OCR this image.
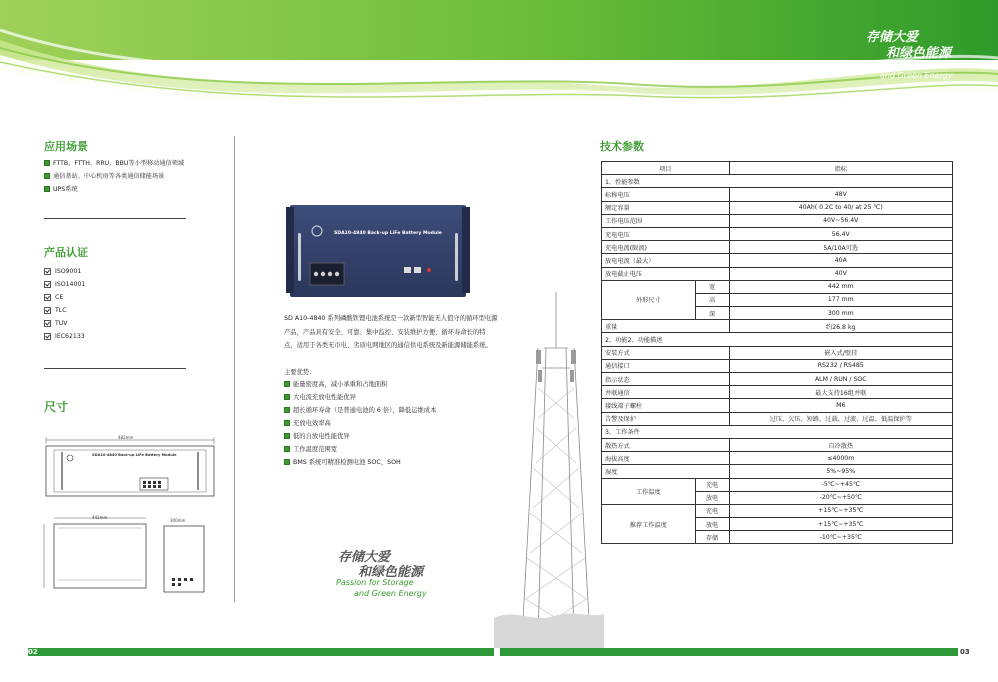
存储大爱
和绿色能源
Passion for Storage
and Green Energy
应用场景
FTTB、FTTH、RRU、BBU等小型移动通信领域
通信基站、中心机房等各类通信储能场景
UPS系统
产品认证
ISO9001
ISO14001
CE
TLC
TUV
IEC62133
尺寸
482mm
SDA10-4840 Back-up LiFe Battery Module
442mm
300mm
SDA10-4840 Back-up LiFe Battery Module
SD A10-4840 系列磷酸铁锂电池系统是一款新型智能无人值守的循环型电源产品，产品具有安全、可靠、集中监控、安装维护方便、循环寿命长的特点，适用于各类无市电、劣质电网地区的通信供电系统及新能源储能系统。
主要优势：
能量密度高，减小承重和占地面积
大电流充放电性能优异
超长循环寿命（是普通电池的 6 倍），降低运维成本
充放电效率高
低的自放电性能优异
工作温度范围宽
BMS 系统可精准检测电池 SOC、SOH
存储大爱
和绿色能源
Passion for Storage
and Green Energy
技术参数
项目		指标
1、性能参数		
标称电压		48V
额定容量		40Ah( 0.2C to 40/ at 25 ℃)
工作电压范围		40V~56.4V
充电电压		56.4V
充电电流(限流)		5A/10A可选
放电电流（最大）		40A
放电截止电压		40V
外形尺寸	宽	442 mm
	高	177 mm
	深	300 mm
重量		约26.8 kg
2、功能2、功能描述		
安装方式		嵌入式/壁挂
通信接口		RS232 / RS485
指示状态		ALM / RUN / SOC
并联通信		最大支持16组并联
接线端子螺柱		M6
告警及保护		过压、欠压、短路、过载、过流、过温、低温保护等
3、工作条件		
散热方式		自冷散热
海拔高度		≤4000m
湿度		5%~95%
工作温度	充电	-5℃~+45℃
	放电	-20℃~+50℃
推荐工作温度	充电	+15℃~+35℃
	放电	+15℃~+35℃
	存储	-10℃~+35℃
02	03
